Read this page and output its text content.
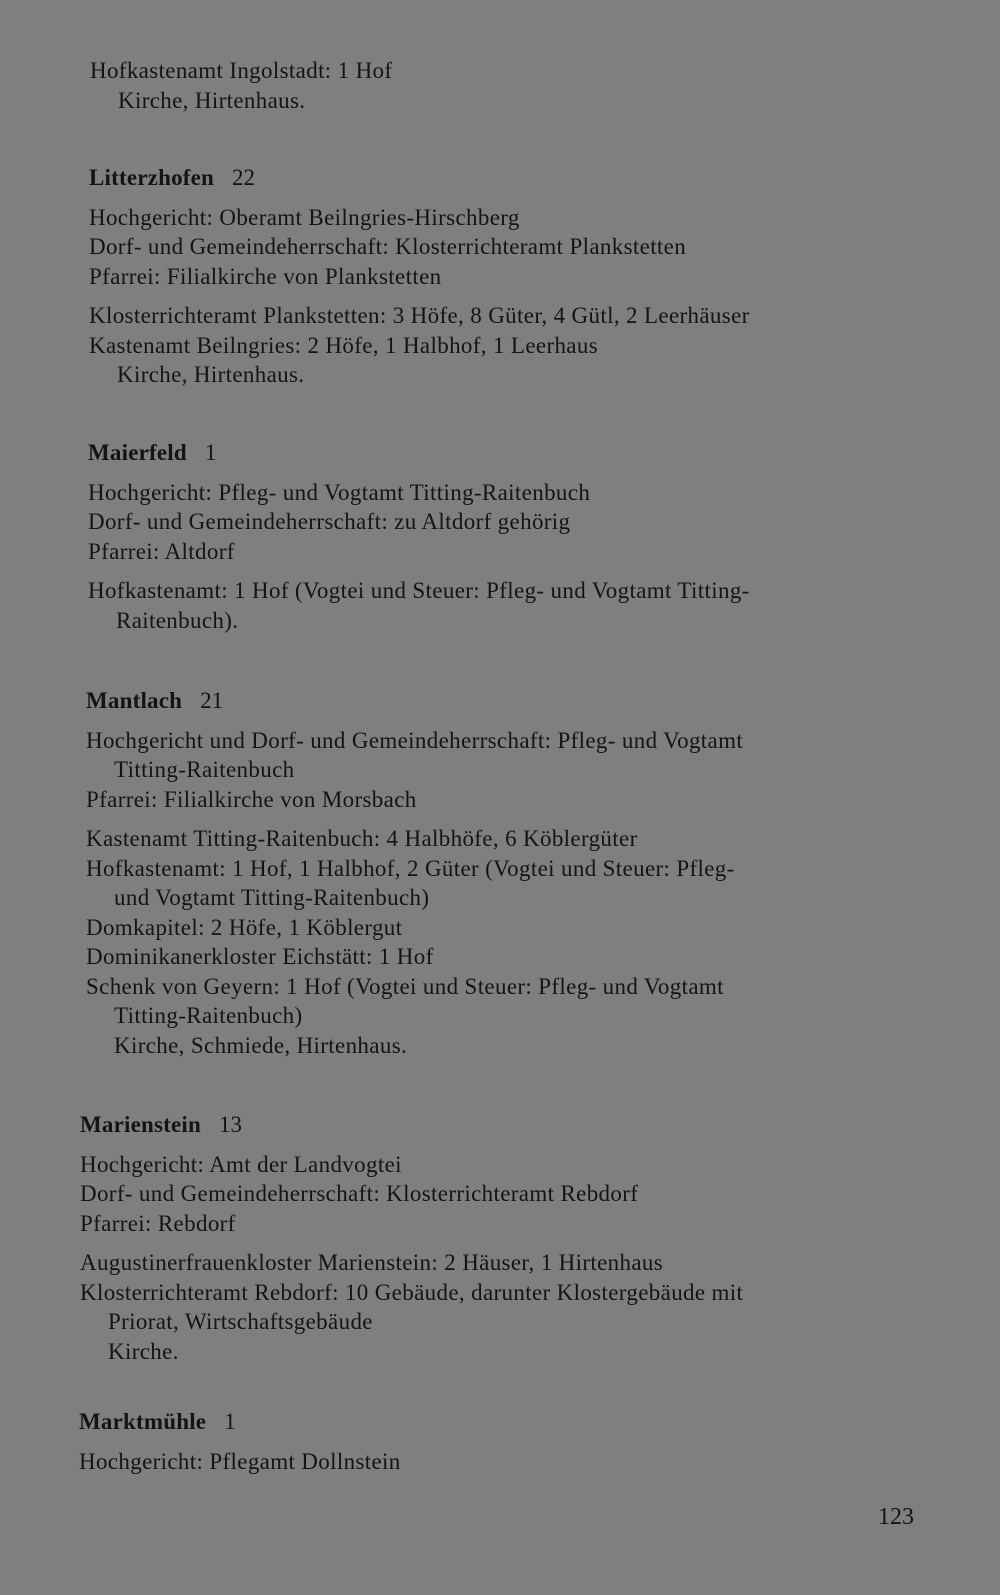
Hofkastenamt Ingolstadt: 1 Hof
Kirche, Hirtenhaus.
Litterzhofen 22
Hochgericht: Oberamt Beilngries-Hirschberg
Dorf- und Gemeindeherrschaft: Klosterrichteramt Plankstetten
Pfarrei: Filialkirche von Plankstetten
Klosterrichteramt Plankstetten: 3 Höfe, 8 Güter, 4 Gütl, 2 Leerhäuser
Kastenamt Beilngries: 2 Höfe, 1 Halbhof, 1 Leerhaus
Kirche, Hirtenhaus.
Maierfeld 1
Hochgericht: Pfleg- und Vogtamt Titting-Raitenbuch
Dorf- und Gemeindeherrschaft: zu Altdorf gehörig
Pfarrei: Altdorf
Hofkastenamt: 1 Hof (Vogtei und Steuer: Pfleg- und Vogtamt Titting-
Raitenbuch).
Mantlach 21
Hochgericht und Dorf- und Gemeindeherrschaft: Pfleg- und Vogtamt
Titting-Raitenbuch
Pfarrei: Filialkirche von Morsbach
Kastenamt Titting-Raitenbuch: 4 Halbhöfe, 6 Köblergüter
Hofkastenamt: 1 Hof, 1 Halbhof, 2 Güter (Vogtei und Steuer: Pfleg-
und Vogtamt Titting-Raitenbuch)
Domkapitel: 2 Höfe, 1 Köblergut
Dominikanerkloster Eichstätt: 1 Hof
Schenk von Geyern: 1 Hof (Vogtei und Steuer: Pfleg- und Vogtamt
Titting-Raitenbuch)
Kirche, Schmiede, Hirtenhaus.
Marienstein 13
Hochgericht: Amt der Landvogtei
Dorf- und Gemeindeherrschaft: Klosterrichteramt Rebdorf
Pfarrei: Rebdorf
Augustinerfrauenkloster Marienstein: 2 Häuser, 1 Hirtenhaus
Klosterrichteramt Rebdorf: 10 Gebäude, darunter Klostergebäude mit
Priorat, Wirtschaftsgebäude
Kirche.
Marktmühle 1
Hochgericht: Pflegamt Dollnstein
123
